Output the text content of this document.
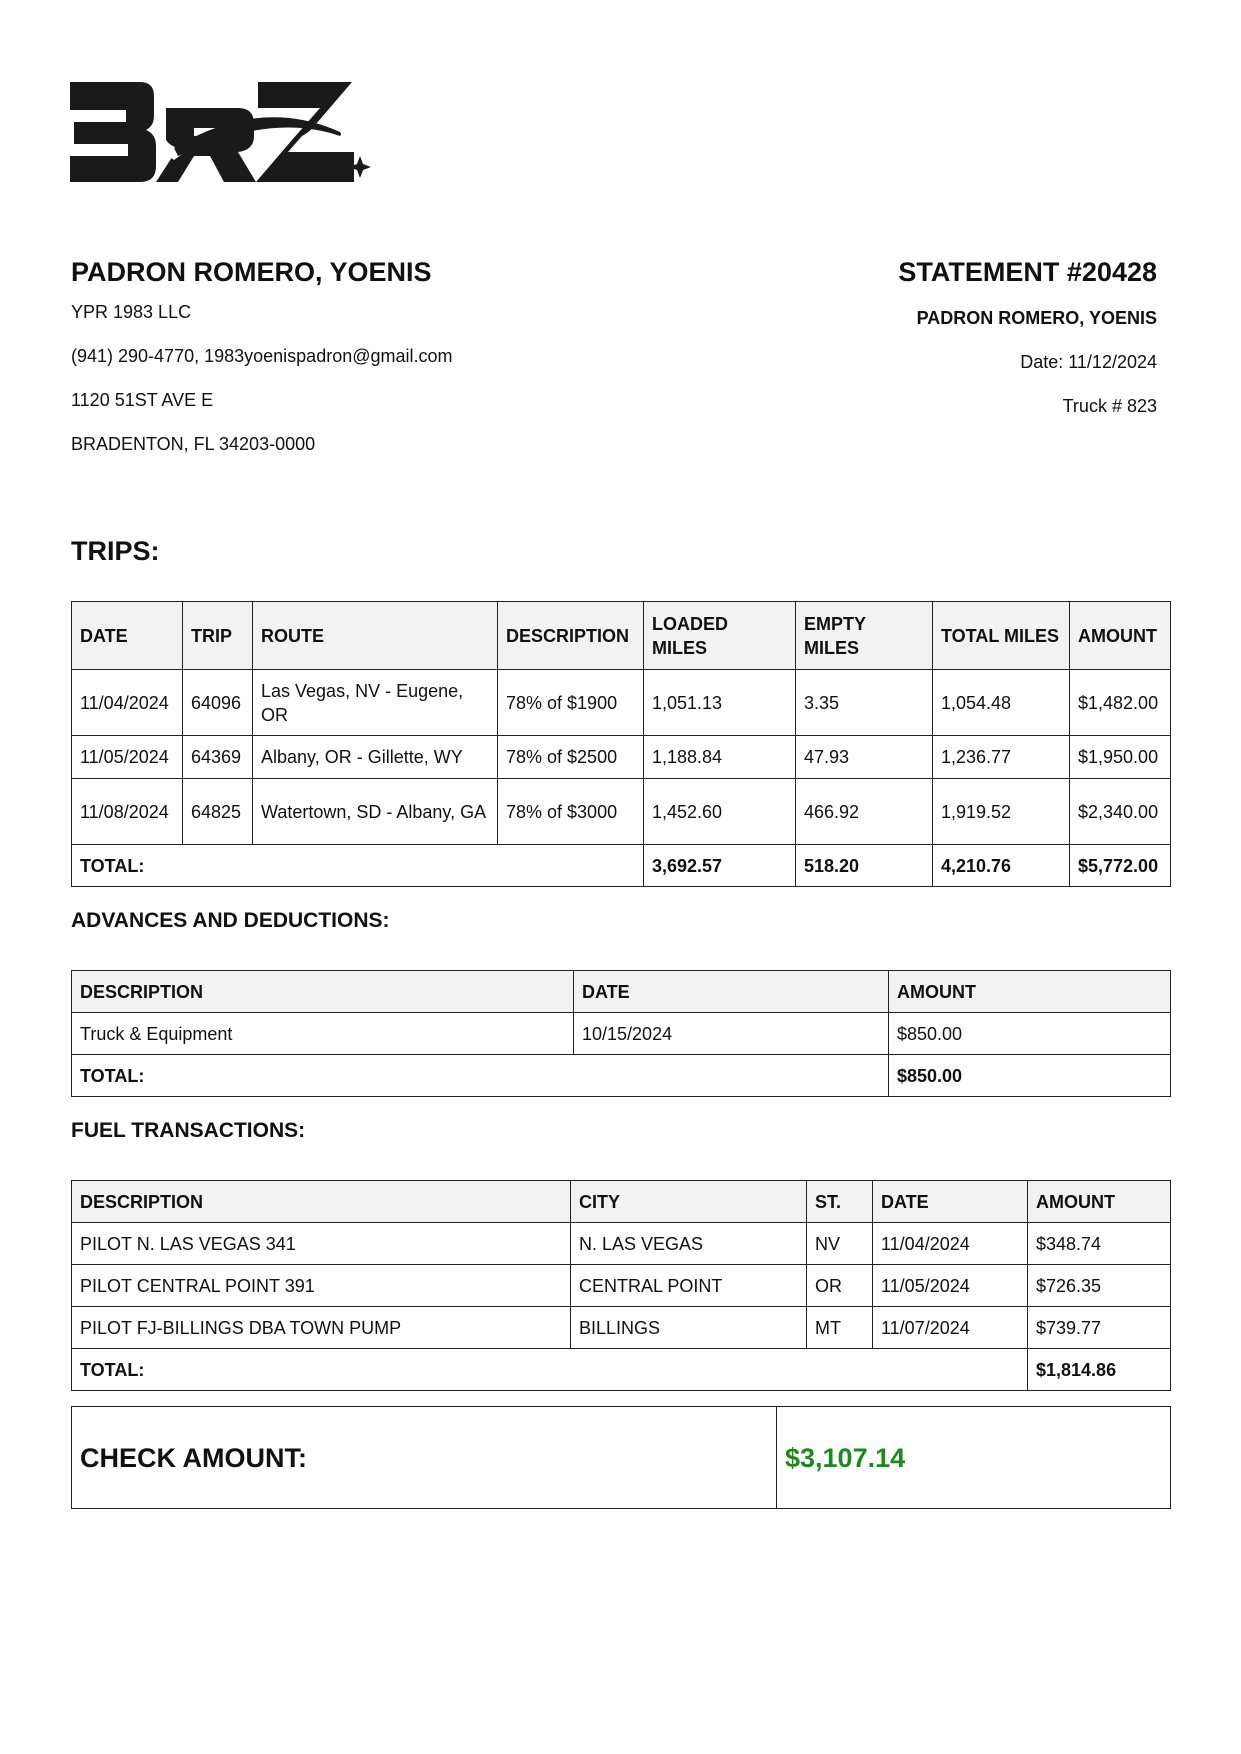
PADRON ROMERO, YOENIS
YPR 1983 LLC
(941) 290-4770, 1983yoenispadron@gmail.com
1120 51ST AVE E
BRADENTON, FL 34203-0000
STATEMENT #20428
PADRON ROMERO, YOENIS
Date: 11/12/2024
Truck # 823
TRIPS:
DATE	TRIP	ROUTE	DESCRIPTION	LOADED MILES	EMPTY MILES	TOTAL MILES	AMOUNT
11/04/2024	64096	Las Vegas, NV - Eugene, OR	78% of $1900	1,051.13	3.35	1,054.48	$1,482.00
11/05/2024	64369	Albany, OR - Gillette, WY	78% of $2500	1,188.84	47.93	1,236.77	$1,950.00
11/08/2024	64825	Watertown, SD - Albany, GA	78% of $3000	1,452.60	466.92	1,919.52	$2,340.00
TOTAL:				3,692.57	518.20	4,210.76	$5,772.00
ADVANCES AND DEDUCTIONS:
DESCRIPTION	DATE	AMOUNT
Truck & Equipment	10/15/2024	$850.00
TOTAL:		$850.00
FUEL TRANSACTIONS:
DESCRIPTION	CITY	ST.	DATE	AMOUNT
PILOT N. LAS VEGAS 341	N. LAS VEGAS	NV	11/04/2024	$348.74
PILOT CENTRAL POINT 391	CENTRAL POINT	OR	11/05/2024	$726.35
PILOT FJ-BILLINGS DBA TOWN PUMP	BILLINGS	MT	11/07/2024	$739.77
TOTAL:				$1,814.86
CHECK AMOUNT:	$3,107.14
